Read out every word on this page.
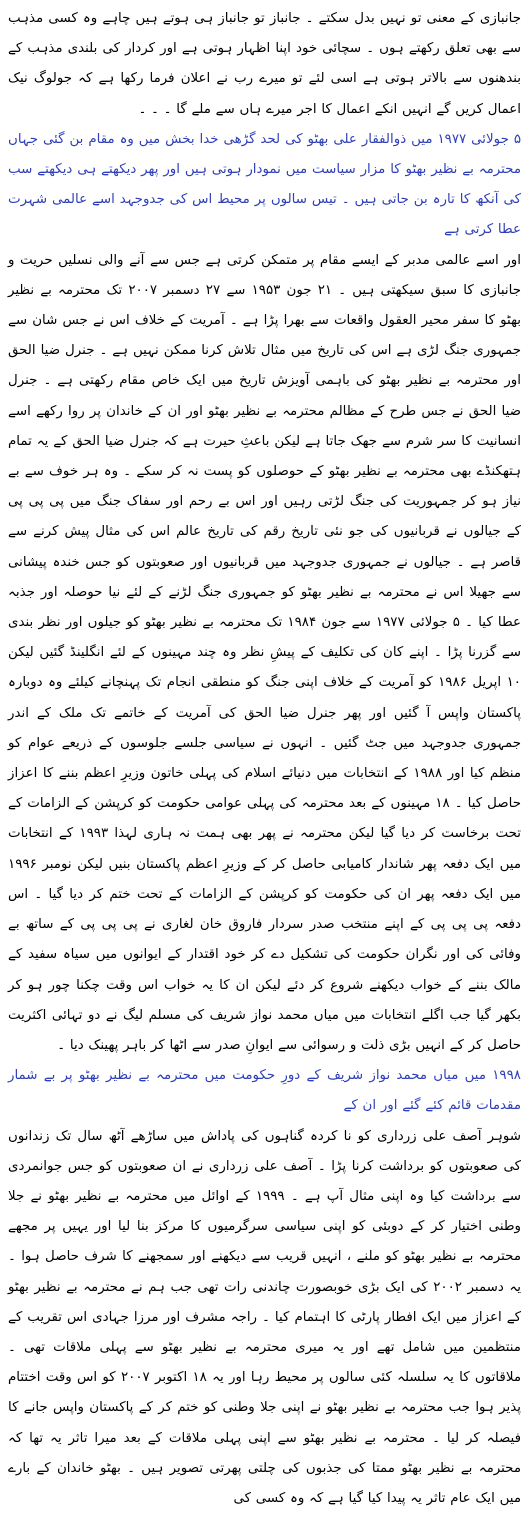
جانبازی کے معنی تو نہیں بدل سکتے ۔ جانباز تو جانباز ہی ہوتے ہیں چاہے وہ کسی مذہب سے بھی تعلق رکھتے ہوں ۔ سچائی خود اپنا اظہار ہوتی ہے اور کردار کی بلندی مذہب کے بندھنوں سے بالاتر ہوتی ہے اسی لئے تو میرے رب نے اعلان فرما رکھا ہے کہ جولوگ نیک اعمال کریں گے انہیں انکے اعمال کا اجر میرے ہاں سے ملے گا ۔ ۔ ۔

۵ جولائی ۱۹۷۷ میں ذوالفقار علی بھٹو کی لحد گڑھی خدا بخش میں وہ مقام بن گئی جہاں محترمہ بے نظیر بھٹو کا مزار سیاست میں نمودار ہوتی ہیں اور پھر دیکھتے ہی دیکھتے سب کی آنکھ کا تارہ بن جاتی ہیں ۔ تیس سالوں پر محیط اس کی جدوجہد اسے عالمی شہرت عطا کرتی ہے

اور اسے عالمی مدبر کے ایسے مقام پر متمکن کرتی ہے جس سے آنے والی نسلیں حریت و جانبازی کا سبق سیکھتی ہیں ۔ ۲۱ جون ۱۹۵۳ سے ۲۷ دسمبر ۲۰۰۷ تک محترمہ بے نظیر بھٹو کا سفر محیر العقول واقعات سے بھرا پڑا ہے ۔ آمریت کے خلاف اس نے جس شان سے جمہوری جنگ لڑی ہے اس کی تاریخ میں مثال تلاش کرنا ممکن نہیں ہے ۔ جنرل ضیا الحق اور محترمہ بے نظیر بھٹو کی باہمی آویزش تاریخ میں ایک خاص مقام رکھتی ہے ۔ جنرل ضیا الحق نے جس طرح کے مظالم محترمہ بے نظیر بھٹو اور ان کے خاندان پر روا رکھے اسے انسانیت کا سر شرم سے جھک جاتا ہے لیکن باعثِ حیرت ہے کہ جنرل ضیا الحق کے یہ تمام ہتھکنڈے بھی محترمہ بے نظیر بھٹو کے حوصلوں کو پست نہ کر سکے ۔ وہ ہر خوف سے بے نیاز ہو کر جمہوریت کی جنگ لڑتی رہیں اور اس بے رحم اور سفاک جنگ میں پی پی پی کے جیالوں نے قربانیوں کی جو نئی تاریخ رقم کی تاریخ عالم اس کی مثال پیش کرنے سے قاصر ہے ۔ جیالوں نے جمہوری جدوجہد میں قربانیوں اور صعوبتوں کو جس خندہ پیشانی سے جھیلا اس نے محترمہ بے نظیر بھٹو کو جمہوری جنگ لڑنے کے لئے نیا حوصلہ اور جذبہ عطا کیا ۔ ۵ جولائی ۱۹۷۷ سے جون ۱۹۸۴ تک محترمہ بے نظیر بھٹو کو جیلوں اور نظر بندی سے گزرنا پڑا ۔ اپنے کان کی تکلیف کے پیشِ نظر وہ چند مہینوں کے لئے انگلینڈ گئیں لیکن ۱۰ اپریل ۱۹۸۶ کو آمریت کے خلاف اپنی جنگ کو منطقی انجام تک پہنچانے کیلئے وہ دوبارہ پاکستان واپس آ گئیں اور پھر جنرل ضیا الحق کی آمریت کے خاتمے تک ملک کے اندر جمہوری جدوجہد میں جٹ گئیں ۔ انہوں نے سیاسی جلسے جلوسوں کے ذریعے عوام کو منظم کیا اور ۱۹۸۸ کے انتخابات میں دنیائے اسلام کی پہلی خاتون وزیرِ اعظم بننے کا اعزاز حاصل کیا ۔ ۱۸ مہینوں کے بعد محترمہ کی پہلی عوامی حکومت کو کرپشن کے الزامات کے تحت برخاست کر دیا گیا لیکن محترمہ نے پھر بھی ہمت نہ ہاری لہذا ۱۹۹۳ کے انتخابات میں ایک دفعہ پھر شاندار کامیابی حاصل کر کے وزیرِ اعظم پاکستان بنیں لیکن نومبر ۱۹۹۶ میں ایک دفعہ پھر ان کی حکومت کو کرپشن کے الزامات کے تحت ختم کر دیا گیا ۔ اس دفعہ پی پی پی کے اپنے منتخب صدر سردار فاروق خان لغاری نے پی پی پی کے ساتھ بے وفائی کی اور نگران حکومت کی تشکیل دے کر خود اقتدار کے ایوانوں میں سیاہ سفید کے مالک بننے کے خواب دیکھنے شروع کر دئے لیکن ان کا یہ خواب اس وقت چکنا چور ہو کر بکھر گیا جب اگلے انتخابات میں میاں محمد نواز شریف کی مسلم لیگ نے دو تہائی اکثریت حاصل کر کے انہیں بڑی ذلت و رسوائی سے ایوانِ صدر سے اٹھا کر باہر پھینک دیا ۔

۱۹۹۸ میں میاں محمد نواز شریف کے دورِ حکومت میں محترمہ بے نظیر بھٹو پر بے شمار مقدمات قائم کئے گئے اور ان کے

شوہر آصف علی زرداری کو نا کردہ گناہوں کی پاداش میں ساڑھے آٹھ سال تک زندانوں کی صعوبتوں کو برداشت کرنا پڑا ۔ آصف علی زرداری نے ان صعوبتوں کو جس جوانمردی سے برداشت کیا وہ اپنی مثال آپ ہے ۔ ۱۹۹۹ کے اوائل میں محترمہ بے نظیر بھٹو نے جلا وطنی اختیار کر کے دوبئی کو اپنی سیاسی سرگرمیوں کا مرکز بنا لیا اور یہیں پر مجھے محترمہ بے نظیر بھٹو کو ملنے ، انہیں قریب سے دیکھنے اور سمجھنے کا شرف حاصل ہوا ۔ یہ دسمبر ۲۰۰۲ کی ایک بڑی خوبصورت چاندنی رات تھی جب ہم نے محترمہ بے نظیر بھٹو کے اعزاز میں ایک افطار پارٹی کا اہتمام کیا ۔ راجہ مشرف اور مرزا جہادی اس تقریب کے منتظمین میں شامل تھے اور یہ میری محترمہ بے نظیر بھٹو سے پہلی ملاقات تھی ۔ ملاقاتوں کا یہ سلسلہ کئی سالوں پر محیط رہا اور یہ ۱۸ اکتوبر ۲۰۰۷ کو اس وقت اختتام پذیر ہوا جب محترمہ بے نظیر بھٹو نے اپنی جلا وطنی کو ختم کر کے پاکستان واپس جانے کا فیصلہ کر لیا ۔ محترمہ بے نظیر بھٹو سے اپنی پہلی ملاقات کے بعد میرا تاثر یہ تھا کہ محترمہ بے نظیر بھٹو ممتا کی جذبوں کی چلتی پھرتی تصویر ہیں ۔ بھٹو خاندان کے بارے میں ایک عام تاثر یہ پیدا کیا گیا ہے کہ وہ کسی کی
